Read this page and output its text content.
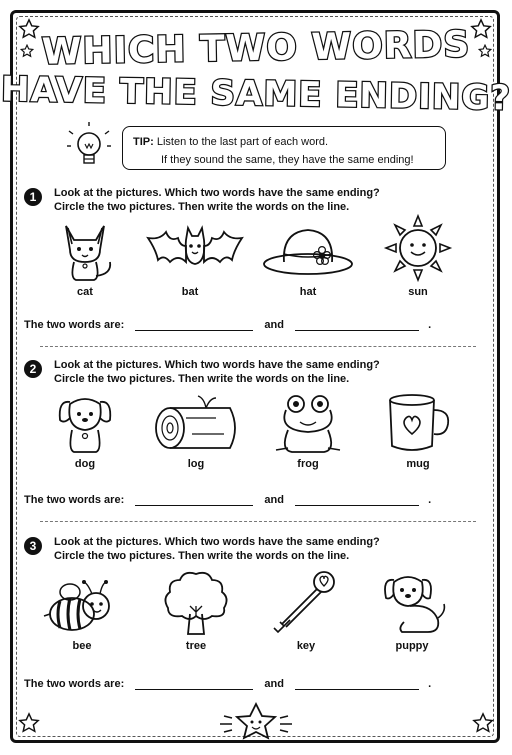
WHICH TWO WORDS
HAVE THE SAME ENDING?
TIP: Listen to the last part of each word.
If they sound the same, they have the same ending!
1	Look at the pictures. Which two words have the same ending?
Circle the two pictures. Then write the words on the line.
cat	bat	hat	sun
The two words are:	and	.
2	Look at the pictures. Which two words have the same ending?
Circle the two pictures. Then write the words on the line.
dog	log	frog	mug
The two words are:	and	.
3	Look at the pictures. Which two words have the same ending?
Circle the two pictures. Then write the words on the line.
bee	tree	key	puppy
The two words are:	and	.
